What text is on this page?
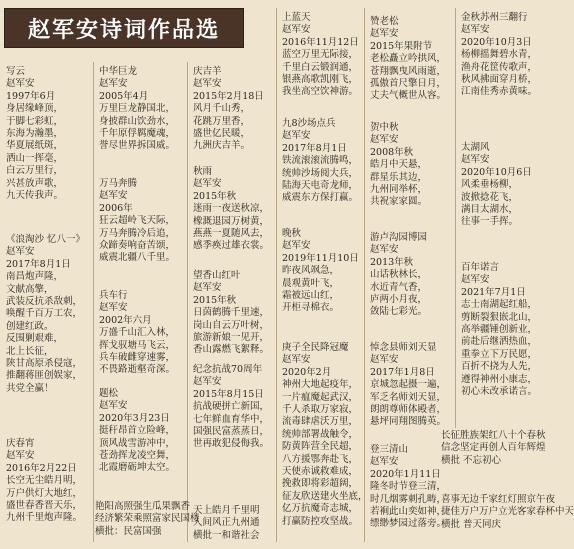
赵军安诗词作品选
写云
赵军安
1997年6月
身居缘峰顶，
于脚七彩虹，
东海为瀚墨，
华夏展纸斑，
洒山一挥毫，
白云万里行，
兴甚放声歌，
九天传我声。
《浪淘沙 忆八一》
赵军安
2017年8月1日
南昌炮声隆，
文献高擎，
武装反抗杀敌刺，
唤醒千百万工农，
创建红政。
反围剿艰难，
北上长征，
陕甘高原杀侵寇，
推翻蒋匪创娱家，
共党全赢！
庆春宵
赵军安
2016年2月22日
长空无尘皓月明，
万户供灯大地红，
盛世春香晋天乐，
九州千里炮声隆。
中华巨龙
赵军安
2005年4月
万里巨龙静国北，
身披群山饮劲水，
千年原俘羁魔魂，
誉尽世界拆国威。
万马奔腾
赵军安
2006年
狂云超岭飞天际，
万马奔腾冷后追，
众蹄奏响奋苦颂，
威震北疆八千里。
兵车行
赵军安
2002年六月
万盛千山汇入林，
挥戈驭塘马飞云，
兵车破雌穿速雾，
不畏路逝壑奇深。
题松
赵军安
2020年3月23日
挺秆昂首立险峰，
顶风战雪游冲中，
苍劲挥龙凌空舞，
北霞磨砺坤太空。
艳阳高照强生瓜果飘香
经济繁荣乘照富家民国楼
横批：民富国强
庆吉羊
赵军安
2015年2月18日
风月千山秀，
花跳万里香，
盛世亿民暖，
九洲庆吉羊。
秋雨
赵军安
2015年秋
迷雨一夜送秋凉，
橡溉退园万树黄，
燕燕一夏随风去，
感季痪过雄衣裳。
望香山红叶
赵军安
2015年秋
日茵鹤腾千里速，
岗山自云万叶树，
旅游新娘一见开，
香山露燃飞絮释。
纪念抗战70周年
赵军安
2015年8月15日
抗战硬拼亡新国，
七年鲜血育华中，
国强民富蒸蒸日，
世再敢犯侵侮我。
天上皓月千里明
人间风正九州通
横批一和谐社会
上蓝天
赵军安
2016年11月12日
蓝空万里无际接，
千里白云锻润通，
银燕高歌凯刚飞，
我坐高空饮神游。
九8沙场点兵
赵军安
2017年8月1日
铁流滚滚流腾鸣，
统帅沙场阅大兵，
陆海天电奇龙师，
威震东方保打赢。
晚秋
赵军安
2019年11月10日
昨夜风飒急，
晨观黄叶飞，
霜被远山红，
开柜寻棉衣。
庚子全民降冠魔
赵军安
2020年2月
神州大地起疫年，
一片瘟魔起武汉，
千人杀取万家寂，
流毒肆虐沃万里，
统帅部署战触令，
防黄阵营全民超，
八方援鄂奔赴飞，
天使赤诚救难成，
挽救即将彩超阔，
征友欣送建火坐底，
亿万抗魔奇志城，
打赢防控攻坚战。
赞老松
赵军安
2015年果附节
老松矗立吟拱风，
苍翔飘曳风雨逝，
孤傲首尺擎日月，
丈夫气概世从容。
贺中秋
赵军安
2008年秋
皓月中天悬，
群星乐其边，
九州同举杯，
共祝家家圆。
游卢沟园博园
赵军安
2013年秋
山话秋林长，
水近青气香，
庐两小月夜，
敛陆七彩光。
悼念县师刘天显
赵军安
2017年1月8日
京城忽起摄一遍，
军乏名师刘天显，
朗朗尊师体殿者，
悬坪同翔图腾英。
登三清山
赵军安
2020年1月11日
隆冬时节登三清，
时几烟雾刺孔畴，
若裥此山奕如神，
缥缈梦园过落旁。
金秋苏州三翻行
赵军安
2020年10月3日
杨柳摇舞碧水青，
渔舟花筐传歌声，
秋风拂面穿月桥，
江南佳秀赤黄味。
太湖风
赵军安
2020年10月6日
风柔垂杨柳，
波掀捻花飞，
满目太湖水，
往事一手挥。
百年诺言
赵军安
2021年7月1日
志士南湖起红船，
剪断裂狠嵌北山，
高举疆锤创新业，
前赴后继洒热血，
重拳立下万民愿，
百折不挠为人先，
遵得神州小康志，
初心未改承诺言。
长征胜族架红八十个春秋
信念坚定再创人百年辉煌
横批 不忘初心
喜事无边千家红灯照京午夜
捷佳万户万户立光客家春杯中天
横批 普天同庆
